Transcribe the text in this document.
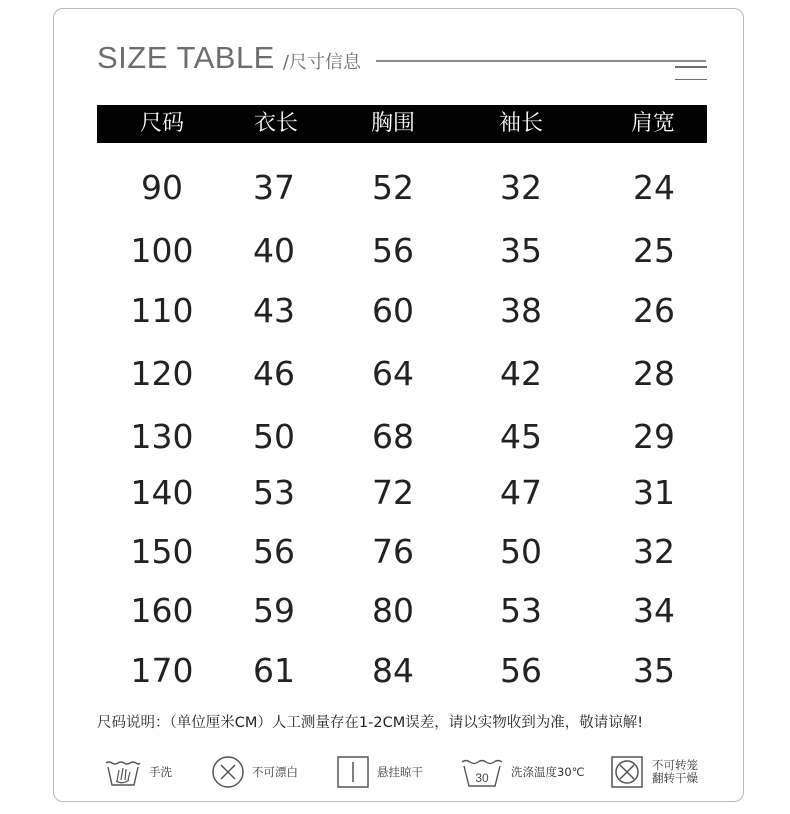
SIZE TABLE /尺寸信息
尺码	衣长	胸围	袖长	肩宽
90	37	52	32	24
100	40	56	35	25
110	43	60	38	26
120	46	64	42	28
130	50	68	45	29
140	53	72	47	31
150	56	76	50	32
160	59	80	53	34
170	61	84	56	35
尺码说明：（单位厘米CM）人工测量存在1-2CM误差，请以实物收到为准，敬请谅解!
手洗	不可漂白	悬挂晾干	30 洗涤温度30℃	不可转笼
翻转干燥
